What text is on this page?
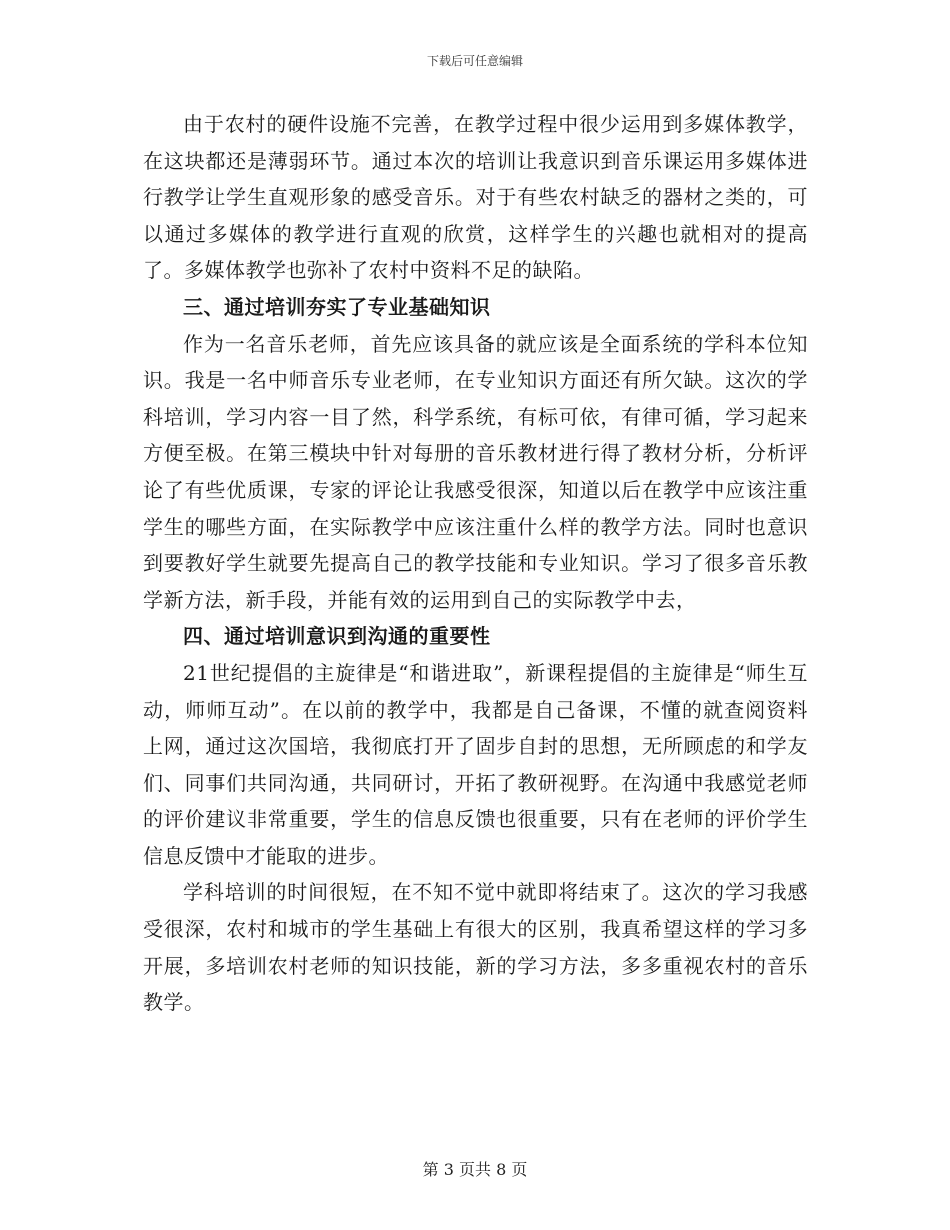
下载后可任意编辑

由于农村的硬件设施不完善，在教学过程中很少运用到多媒体教学，在这块都还是薄弱环节。通过本次的培训让我意识到音乐课运用多媒体进行教学让学生直观形象的感受音乐。对于有些农村缺乏的器材之类的，可以通过多媒体的教学进行直观的欣赏，这样学生的兴趣也就相对的提高了。多媒体教学也弥补了农村中资料不足的缺陷。

三、通过培训夯实了专业基础知识

作为一名音乐老师，首先应该具备的就应该是全面系统的学科本位知识。我是一名中师音乐专业老师，在专业知识方面还有所欠缺。这次的学科培训，学习内容一目了然，科学系统，有标可依，有律可循，学习起来方便至极。在第三模块中针对每册的音乐教材进行得了教材分析，分析评论了有些优质课，专家的评论让我感受很深，知道以后在教学中应该注重学生的哪些方面，在实际教学中应该注重什么样的教学方法。同时也意识到要教好学生就要先提高自己的教学技能和专业知识。学习了很多音乐教学新方法，新手段，并能有效的运用到自己的实际教学中去，

四、通过培训意识到沟通的重要性

21世纪提倡的主旋律是“和谐进取”，新课程提倡的主旋律是“师生互动，师师互动”。在以前的教学中，我都是自己备课，不懂的就查阅资料上网，通过这次国培，我彻底打开了固步自封的思想，无所顾虑的和学友们、同事们共同沟通，共同研讨，开拓了教研视野。在沟通中我感觉老师的评价建议非常重要，学生的信息反馈也很重要，只有在老师的评价学生信息反馈中才能取的进步。

学科培训的时间很短，在不知不觉中就即将结束了。这次的学习我感受很深，农村和城市的学生基础上有很大的区别，我真希望这样的学习多开展，多培训农村老师的知识技能，新的学习方法，多多重视农村的音乐教学。

第 3 页共 8 页
